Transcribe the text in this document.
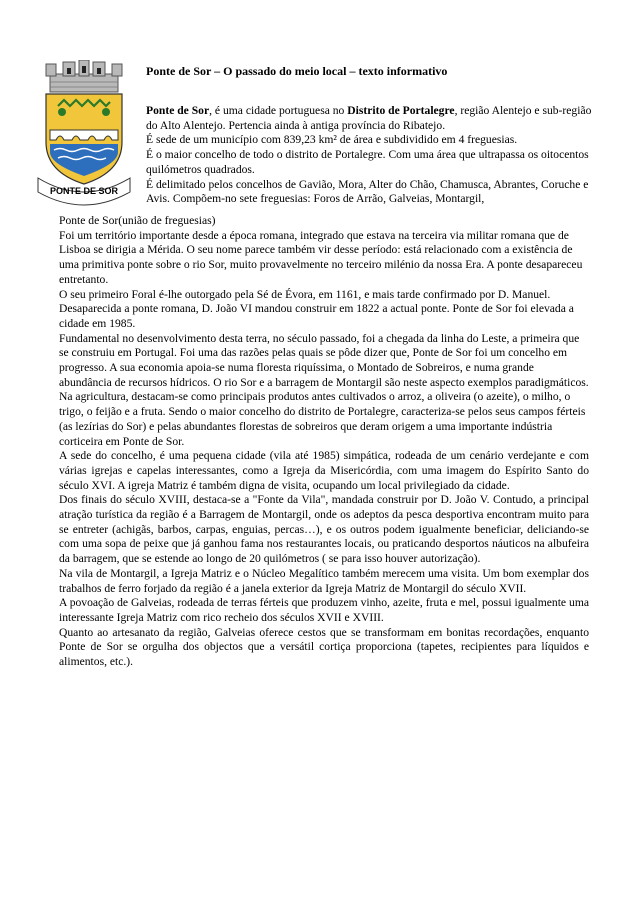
PONTE DE SOR
Ponte de Sor – O passado do meio local – texto informativo

Ponte de Sor, é uma cidade portuguesa no Distrito de Portalegre, região Alentejo e sub-região do Alto Alentejo. Pertencia ainda à antiga província do Ribatejo.

É sede de um município com 839,23 km² de área e subdividido em 4 freguesias.

É o maior concelho de todo o distrito de Portalegre. Com uma área que ultrapassa os oitocentos quilómetros quadrados.

É delimitado pelos concelhos de Gavião, Mora, Alter do Chão, Chamusca, Abrantes, Coruche e Avis. Compõem-no sete freguesias: Foros de Arrão, Galveias, Montargil,

Ponte de Sor(união de freguesias)

Foi um território importante desde a época romana, integrado que estava na terceira via militar romana que de Lisboa se dirigia a Mérida. O seu nome parece também vir desse período: está relacionado com a existência de uma primitiva ponte sobre o rio Sor, muito provavelmente no terceiro milénio da nossa Era. A ponte desapareceu entretanto.

O seu primeiro Foral é-lhe outorgado pela Sé de Évora, em 1161, e mais tarde confirmado por D. Manuel. Desaparecida a ponte romana, D. João VI mandou construir em 1822 a actual ponte. Ponte de Sor foi elevada a cidade em 1985.

Fundamental no desenvolvimento desta terra, no século passado, foi a chegada da linha do Leste, a primeira que se construiu em Portugal. Foi uma das razões pelas quais se pôde dizer que, Ponte de Sor foi um concelho em progresso. A sua economia apoia-se numa floresta riquíssima, o Montado de Sobreiros, e numa grande abundância de recursos hídricos. O rio Sor e a barragem de Montargil são neste aspecto exemplos paradigmáticos. Na agricultura, destacam-se como principais produtos antes cultivados o arroz, a oliveira (o azeite), o milho, o trigo, o feijão e a fruta. Sendo o maior concelho do distrito de Portalegre, caracteriza-se pelos seus campos férteis (as lezírias do Sor) e pelas abundantes florestas de sobreiros que deram origem a uma importante indústria corticeira em Ponte de Sor.

A sede do concelho, é uma pequena cidade (vila até 1985) simpática, rodeada de um cenário verdejante e com várias igrejas e capelas interessantes, como a Igreja da Misericórdia, com uma imagem do Espírito Santo do século XVI. A igreja Matriz é também digna de visita, ocupando um local privilegiado da cidade.

Dos finais do século XVIII, destaca-se a "Fonte da Vila", mandada construir por D. João V. Contudo, a principal atração turística da região é a Barragem de Montargil, onde os adeptos da pesca desportiva encontram muito para se entreter (achigãs, barbos, carpas, enguias, percas…), e os outros podem igualmente beneficiar, deliciando-se com uma sopa de peixe que já ganhou fama nos restaurantes locais, ou praticando desportos náuticos na albufeira da barragem, que se estende ao longo de 20 quilómetros ( se para isso houver autorização).

Na vila de Montargil, a Igreja Matriz e o Núcleo Megalítico também merecem uma visita. Um bom exemplar dos trabalhos de ferro forjado da região é a janela exterior da Igreja Matriz de Montargil do século XVII.

A povoação de Galveias, rodeada de terras férteis que produzem vinho, azeite, fruta e mel, possui igualmente uma interessante Igreja Matriz com rico recheio dos séculos XVII e XVIII.

Quanto ao artesanato da região, Galveias oferece cestos que se transformam em bonitas recordações, enquanto Ponte de Sor se orgulha dos objectos que a versátil cortiça proporciona (tapetes, recipientes para líquidos e alimentos, etc.).
